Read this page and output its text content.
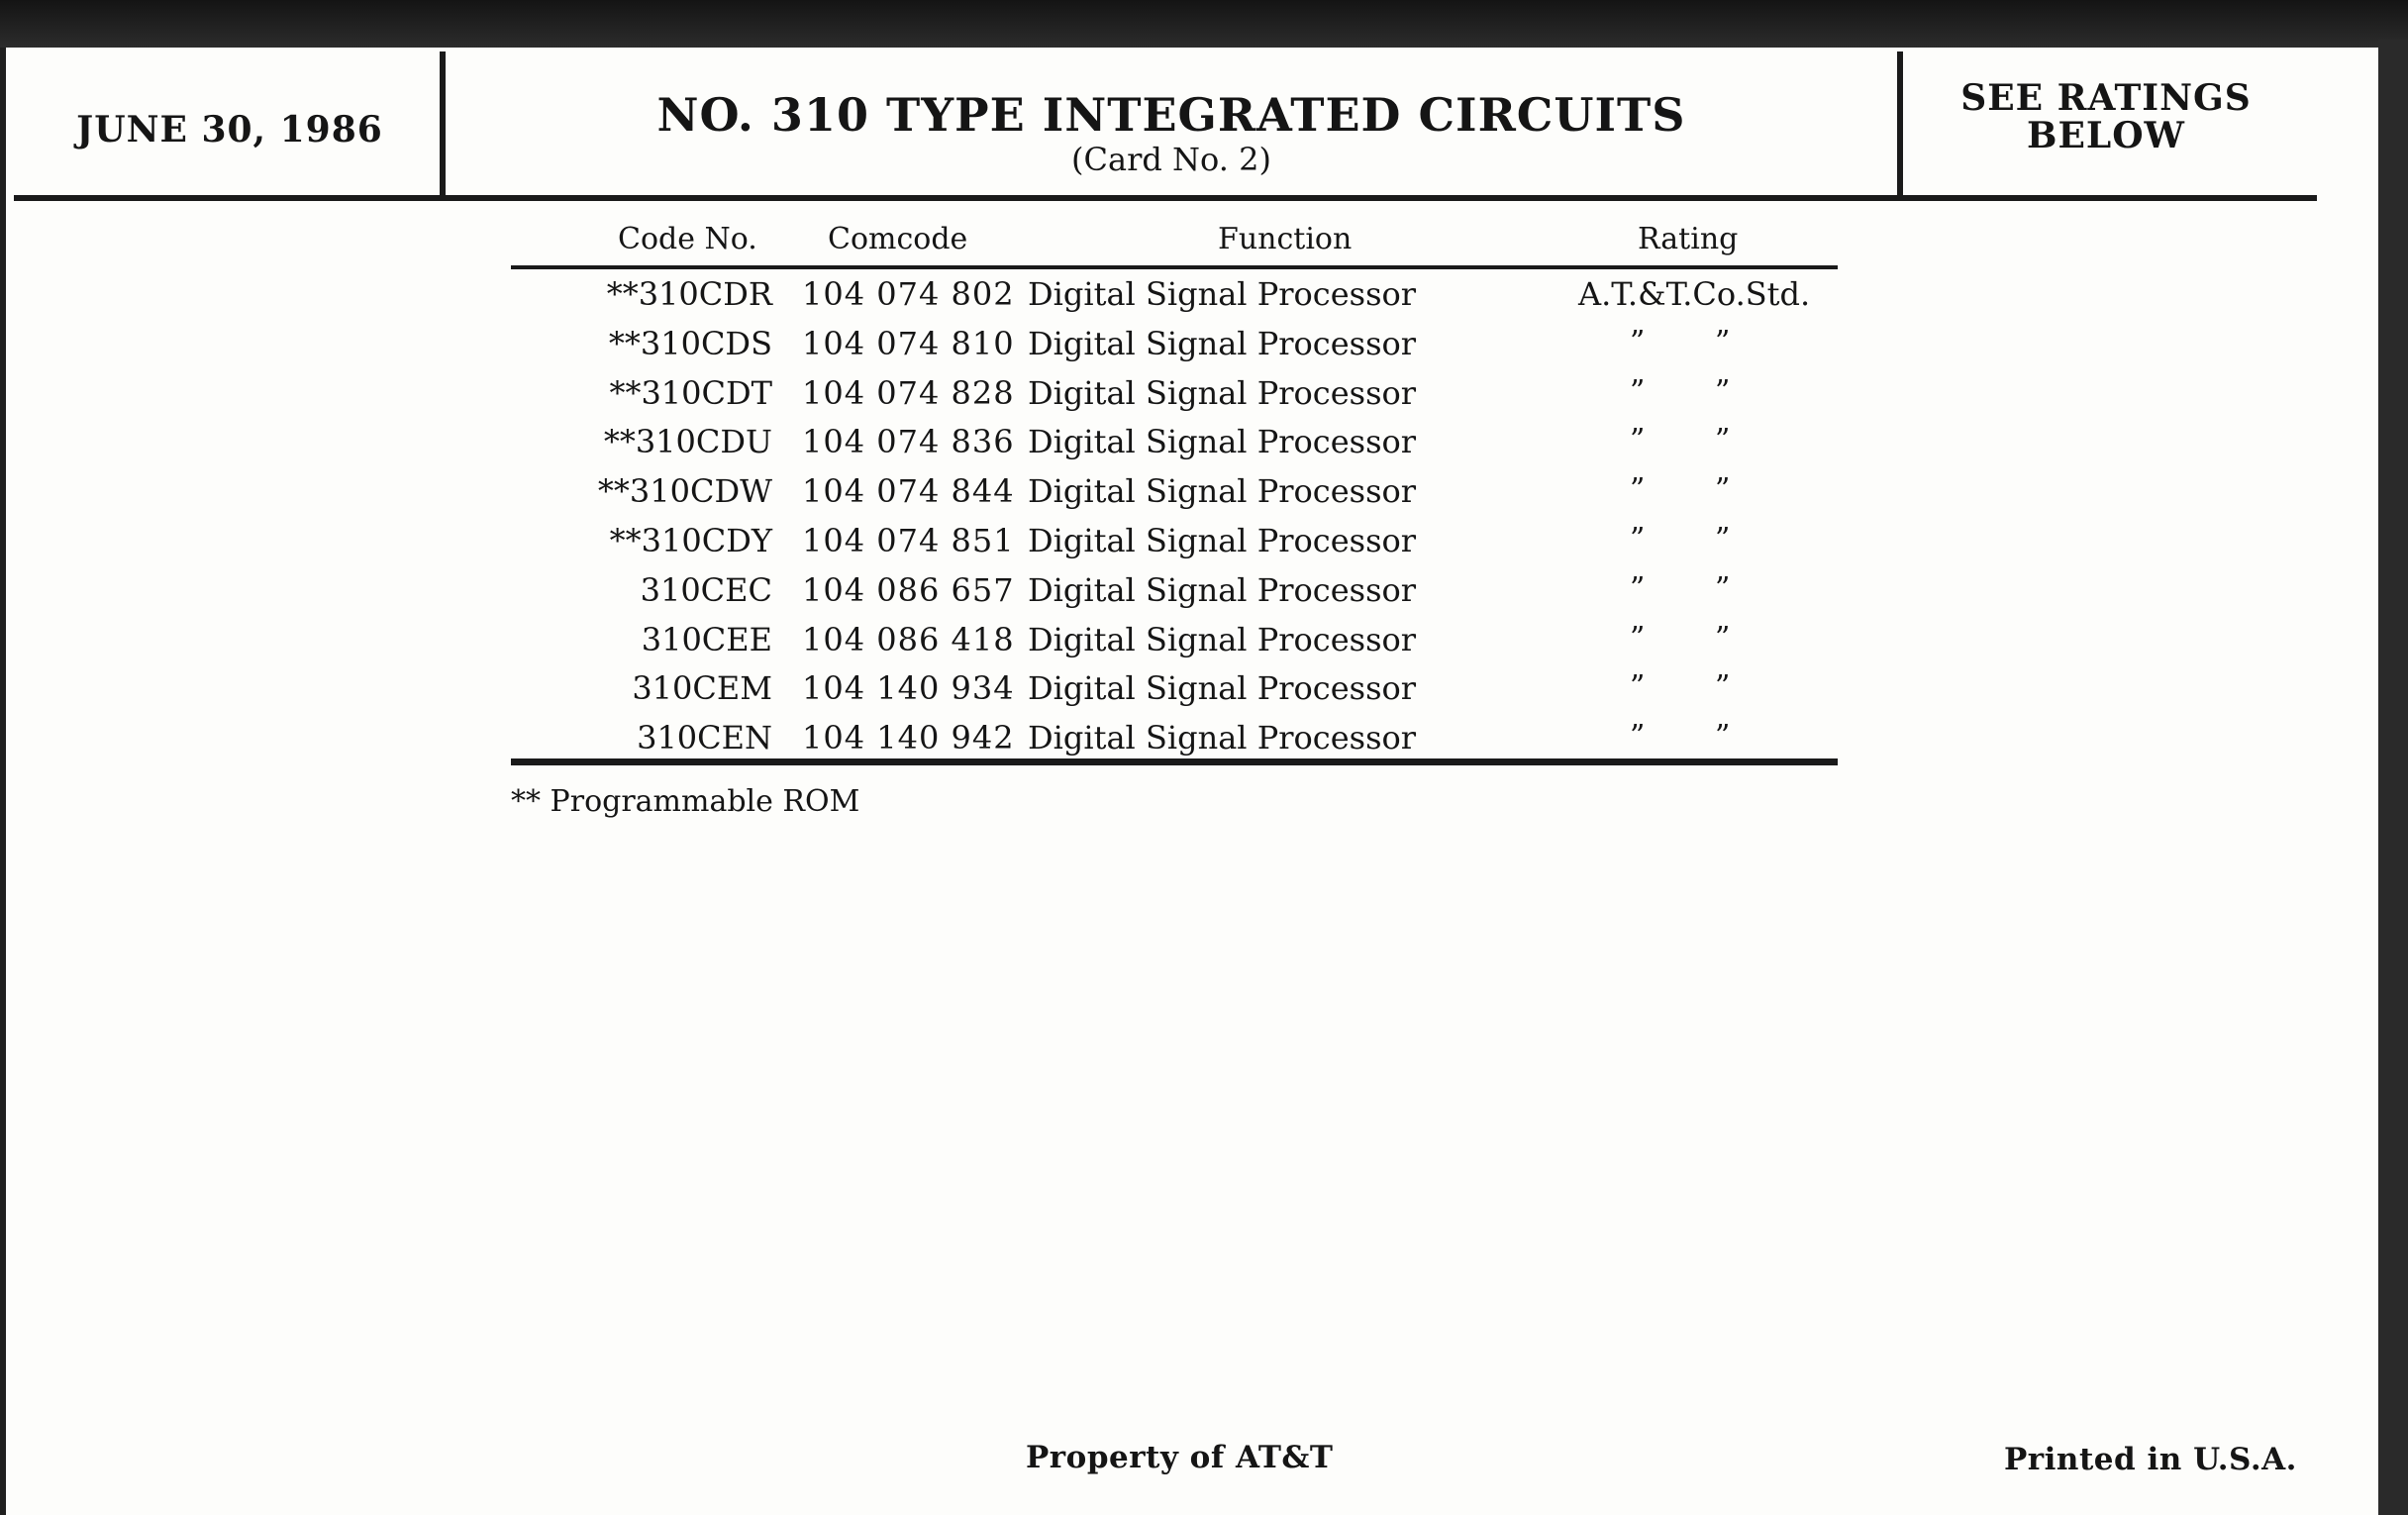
JUNE 30, 1986	NO. 310 TYPE INTEGRATED CIRCUITS
(Card No. 2)
SEE RATINGS
BELOW
Code No. Comcode	Function	Rating
**310CDR 104 074 802 Digital Signal Processor	A.T.&T.Co.Std.
**310CDS 104 074 810 Digital Signal Processor	” ”
**310CDT 104 074 828 Digital Signal Processor	” ”
**310CDU 104 074 836 Digital Signal Processor	” ”
**310CDW 104 074 844 Digital Signal Processor	” ”
**310CDY 104 074 851 Digital Signal Processor	” ”
310CEC 104 086 657 Digital Signal Processor	” ”
310CEE 104 086 418 Digital Signal Processor	” ”
310CEM 104 140 934 Digital Signal Processor	” ”
310CEN 104 140 942 Digital Signal Processor	” ”
** Programmable ROM
Property of AT&T	Printed in U.S.A.
